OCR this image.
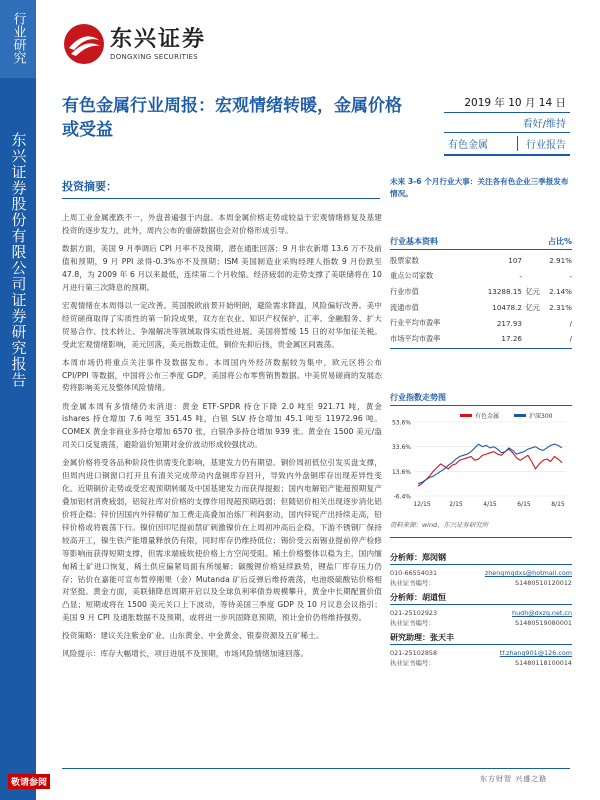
行业研究
东兴证券股份有限公司证券研究报告
东兴证券
DONGXING SECURITIES
有色金属行业周报：宏观情绪转暖，金属价格或受益
2019 年 10 月 14 日
看好/维持
有色金属	行业报告
投资摘要：

上周工业金属涨跌不一，外盘普遍强于内盘。本周金属价格走势或较益于宏观情绪修复及基建投资的逐步发力，此外，周内公布的重磅数据也会对价格形成引导。

数据方面，美国 9 月季调后 CPI 月率不及预期，潜在通胀回落；9 月非农新增 13.6 万不及前值和预期，9 月 PPI 录得-0.3%亦不及预期；ISM 美国制造业采购经理人指数 9 月份跌至 47.8，为 2009 年 6 月以来最低，连续第二个月收缩。经济疲弱的走势支撑了美联储将在 10 月进行第三次降息的预期。

宏观情绪在本周得以一定改善。英国脱欧前景开始明朗，避险需求降温，风险偏好改善。美中经贸磋商取得了实质性的第一阶段成果，双方在农业、知识产权保护、汇率、金融服务、扩大贸易合作、技术转让、争端解决等领域取得实质性进展。美国将暂缓 15 日的对华加征关税。受此宏观情绪影响，美元回落，美元指数走低，铜价先抑后扬，贵金属区间震荡。

本周市场仍将重点关注事件及数据发布。本周国内外经济数据较为集中，欧元区将公布 CPI/PPI 等数据，中国将公布三季度 GDP，美国将公布零售销售数据。中美贸易磋商的发展态势将影响美元及整体风险情绪。

贵金属本周有多情绪仍未消退：黄金 ETF-SPDR 持仓下降 2.0 吨至 921.71 吨，黄金 ishares 持仓增加 7.6 吨至 351.45 吨，白银 SLV 持仓增加 45.1 吨至 11972.96 吨。COMEX 黄金非商业多持仓增加 6570 张，白银净多持仓增加 939 张。黄金在 1500 美元/盎司关口反复震荡，避险溢价短期对金价波动形成较强扰动。

金属价格将受各品种阶段性供需变化影响，基建发力仍有期望。铜价周初低位引发买盘支撑，但周内进口铜窗口打开且有清关完成带动内盘铜库存回升，导致内外盘铜库存出现差异性变化。近期铜价走势或受宏观预期转暖及中国基建发力而获得提振；国内电解铝产能超预期复产叠加铝材消费疲弱，铝锭社库对价格的支撑作用现超预期趋弱；但随铝价相关出现逐步消化铝价将企稳；锌价因国内外锌精矿加工费走高叠加冶炼厂利润驱动，国内锌锭产出持续走高，铅锌价格或将震荡下行。镍价因印尼提前禁矿刺激镍价在上周初冲高后企稳，下游不锈钢厂保持较高开工，镍生铁产能增量释放仍有限，同时库存仍维持低位；锡价受云南锡业提前停产检修等影响而获得短期支撑，但需求端疲软使价格上方空间受阻。稀土价格整体以稳为主，国内缅甸稀土矿进口恢复，稀土供应偏紧局面有所缓解；碳酸锂价格延续跌势，锂盐厂库存压力仍存；钴价在嘉能可宣布暂停刚果（金）Mutanda 矿后反弹后维持震荡，电池级硫酸钴价格相对坚挺。黄金方面，美联储降息周期开启以及全球负利率债券规模攀升，黄金中长期配置价值凸显；短期或将在 1500 美元关口上下波动，等待美国三季度 GDP 及 10 月议息会议指引；美国 9 月 CPI 及通胀数据不及预期，或将进一步巩固降息预期，预计金价仍将维持强势。

投资策略：建议关注紫金矿业、山东黄金、中金黄金、银泰资源及五矿稀土。

风险提示：库存大幅增长，项目进展不及预期，市场风险情绪加速回落。

未来 3-6 个月行业大事：关注各有色企业三季报发布情况。
行业基本资料	占比%
股票家数	107		2.91%
重点公司家数	-		-
行业市值	13288.15	亿元	2.14%
流通市值	10478.2	亿元	2.31%
行业平均市盈率	217.93		/
市场平均市盈率	17.26		/
行业指数走势图
53.6%
33.6%
13.6%
-6.4%
12/15	2/15	4/15	6/15	8/15
有色金属	沪深300
资料来源：wind、东兴证券研究所
分析师：郑闵钢
010-66554031	zhengmgdxs@hotmail.com
S1480510120012
执业证书编号：
分析师：胡道恒
021-25102923	hudh@dxzq.net.cn
S1480519080001
执业证书编号：
研究助理：张天丰
021-25102858	tf.zhang901@126.com
S1480118100014
执业证书编号：
敬请参阅	东方财智 兴盛之路
